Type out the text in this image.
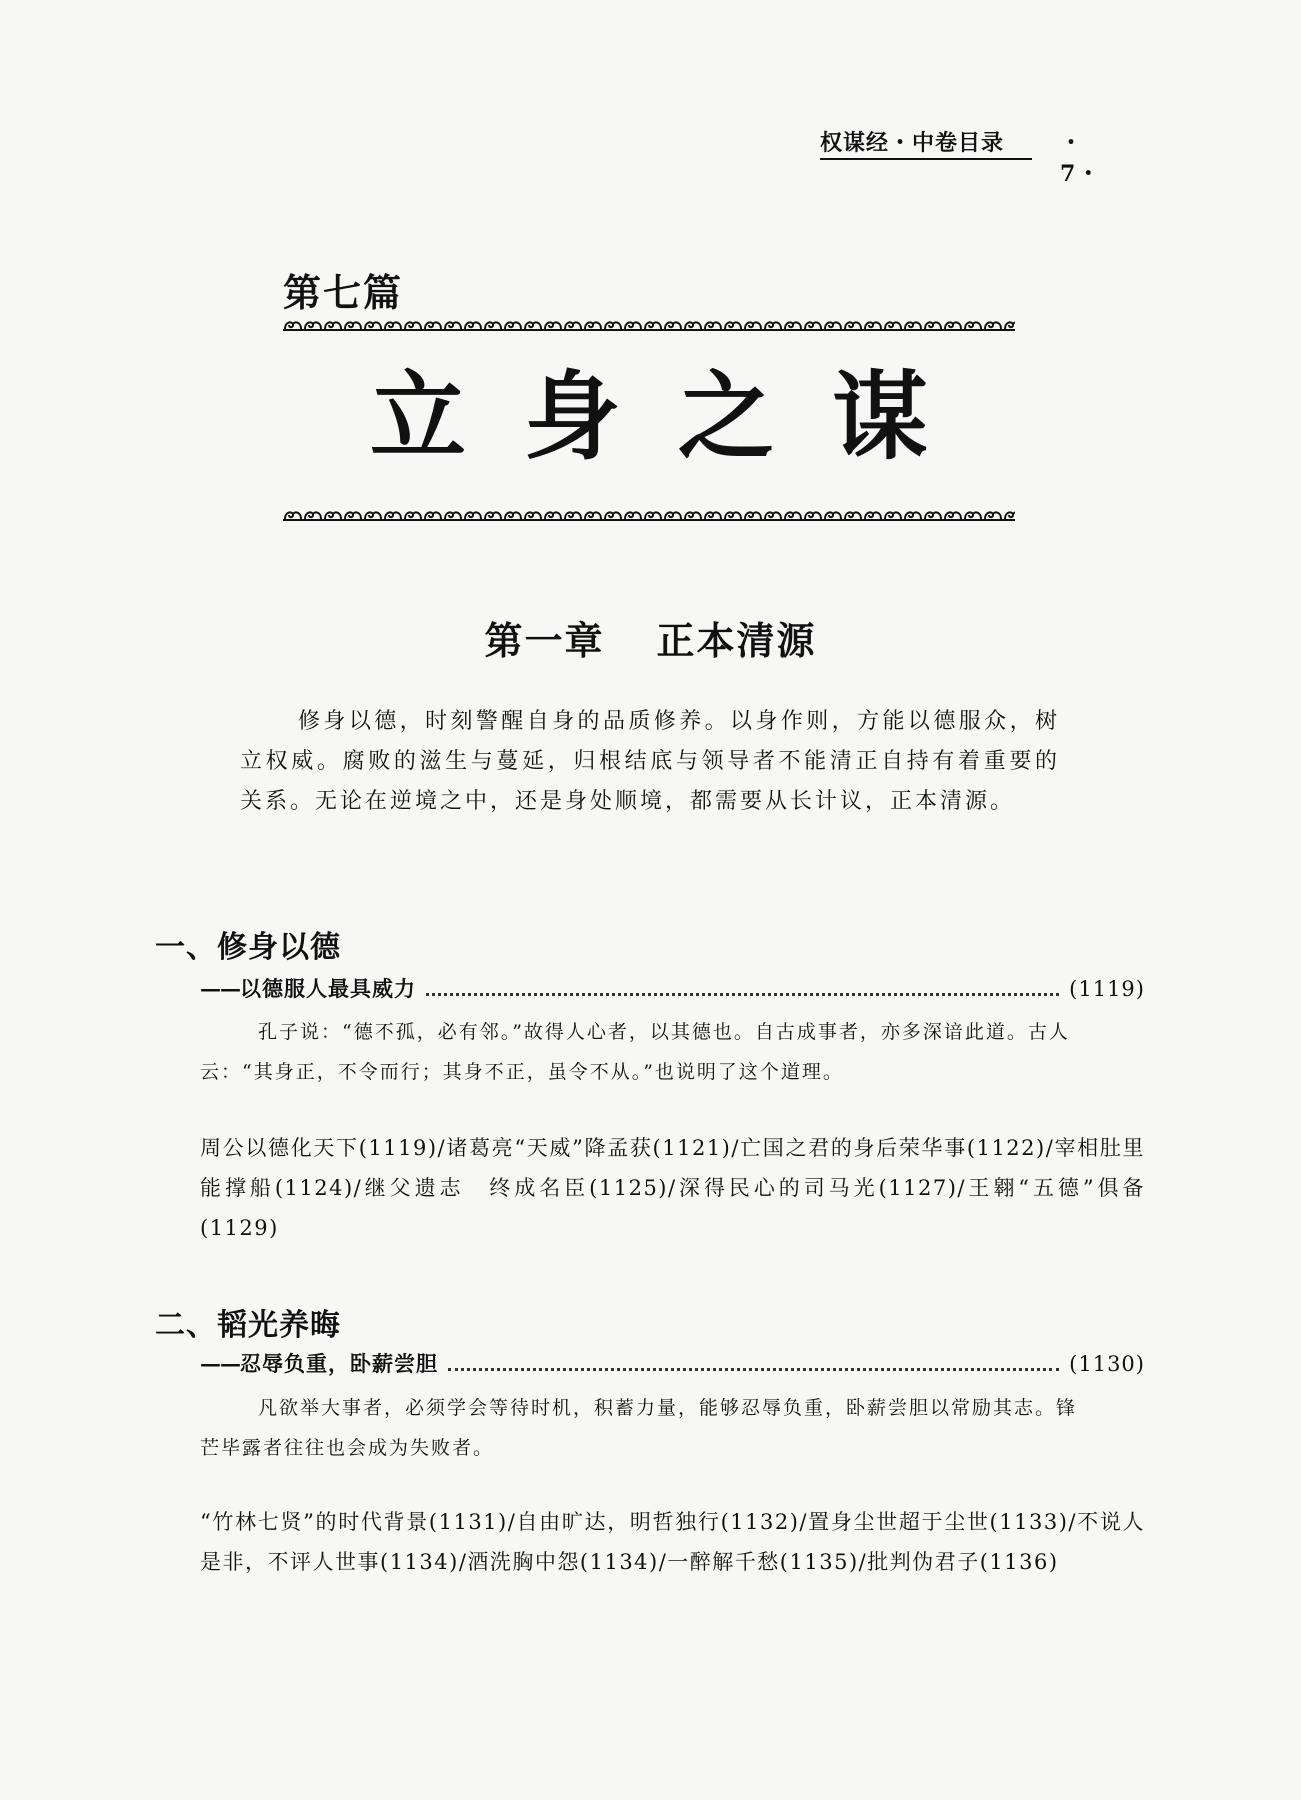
权谋经・中卷目录	・7・
第七篇
立身之谋
第一章 正本清源
修身以德，时刻警醒自身的品质修养。以身作则，方能以德服众，树立权威。腐败的滋生与蔓延，归根结底与领导者不能清正自持有着重要的关系。无论在逆境之中，还是身处顺境，都需要从长计议，正本清源。
一、修身以德
—— 以德服人最具威力	(1119)
孔子说：“德不孤，必有邻。”故得人心者，以其德也。自古成事者，亦多深谙此道。古人云：“其身正，不令而行；其身不正，虽令不从。”也说明了这个道理。
周公以德化天下(1119)/诸葛亮“天威”降孟获(1121)/亡国之君的身后荣华事(1122)/宰相肚里能撑船(1124)/继父遗志　终成名臣(1125)/深得民心的司马光(1127)/王翱“五德”俱备(1129)
二、韬光养晦
—— 忍辱负重，卧薪尝胆	(1130)
凡欲举大事者，必须学会等待时机，积蓄力量，能够忍辱负重，卧薪尝胆以常励其志。锋芒毕露者往往也会成为失败者。
“竹林七贤”的时代背景(1131)/自由旷达，明哲独行(1132)/置身尘世超于尘世(1133)/不说人是非，不评人世事(1134)/酒洗胸中怨(1134)/一醉解千愁(1135)/批判伪君子(1136)
